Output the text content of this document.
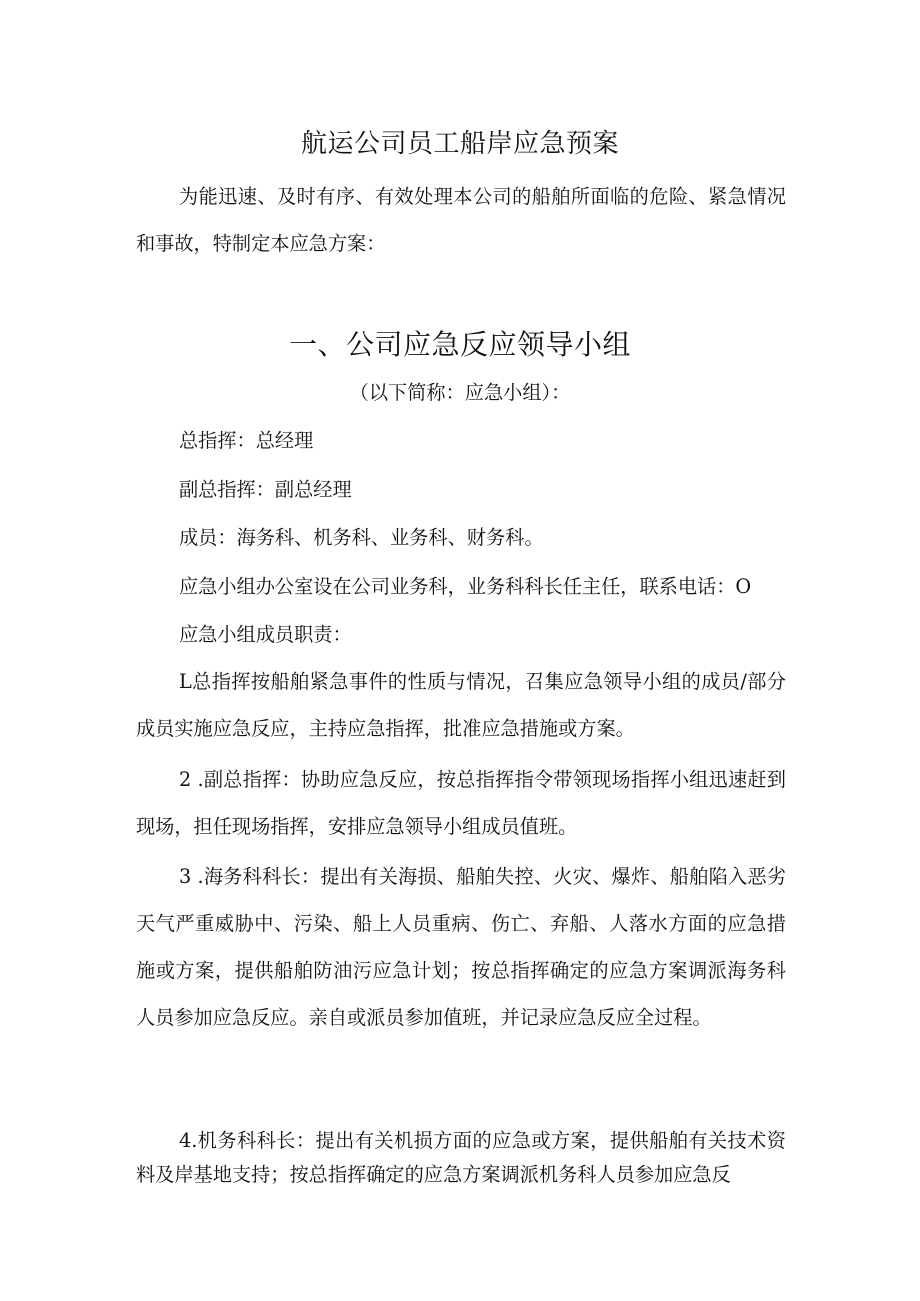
航运公司员工船岸应急预案
为能迅速、及时有序、有效处理本公司的船舶所面临的危险、紧急情况和事故，特制定本应急方案：
一、公司应急反应领导小组
（以下简称：应急小组）：
总指挥：总经理
副总指挥：副总经理
成员：海务科、机务科、业务科、财务科。
应急小组办公室设在公司业务科，业务科科长任主任，联系电话：O
应急小组成员职责：
L总指挥按船舶紧急事件的性质与情况，召集应急领导小组的成员/部分成员实施应急反应，主持应急指挥，批准应急措施或方案。
2 .副总指挥：协助应急反应，按总指挥指令带领现场指挥小组迅速赶到现场，担任现场指挥，安排应急领导小组成员值班。
3 .海务科科长：提出有关海损、船舶失控、火灾、爆炸、船舶陷入恶劣天气严重威胁中、污染、船上人员重病、伤亡、弃船、人落水方面的应急措施或方案，提供船舶防油污应急计划；按总指挥确定的应急方案调派海务科人员参加应急反应。亲自或派员参加值班，并记录应急反应全过程。
4.机务科科长：提出有关机损方面的应急或方案，提供船舶有关技术资料及岸基地支持；按总指挥确定的应急方案调派机务科人员参加应急反
